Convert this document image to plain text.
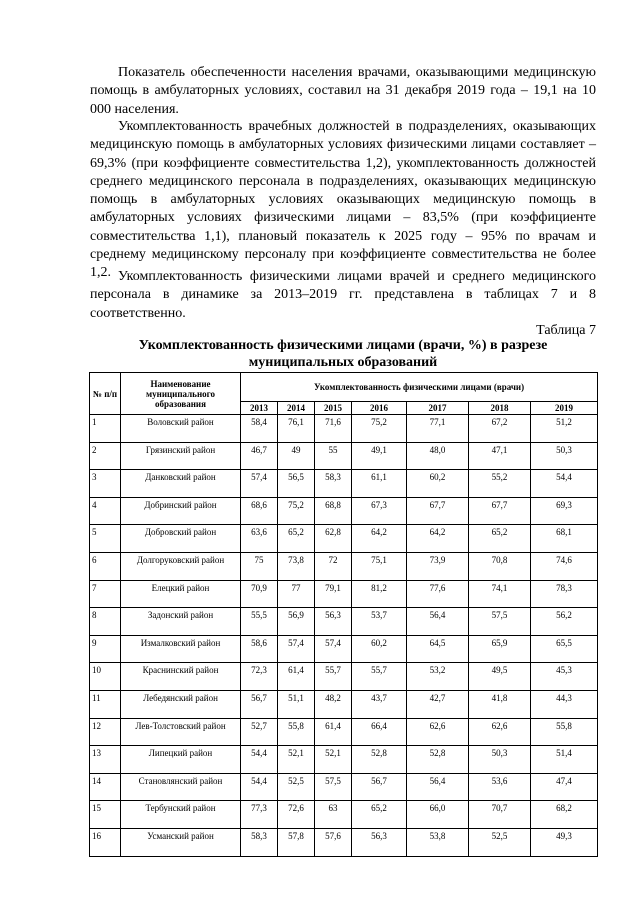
Показатель обеспеченности населения врачами, оказывающими медицинскую помощь в амбулаторных условиях, составил на 31 декабря 2019 года – 19,1 на 10 000 населения.

Укомплектованность врачебных должностей в подразделениях, оказывающих медицинскую помощь в амбулаторных условиях физическими лицами составляет – 69,3% (при коэффициенте совместительства 1,2), укомплектованность должностей среднего медицинского персонала в подразделениях, оказывающих медицинскую помощь в амбулаторных условиях оказывающих медицинскую помощь в амбулаторных условиях физическими лицами – 83,5% (при коэффициенте совместительства 1,1), плановый показатель к 2025 году – 95% по врачам и среднему медицинскому персоналу при коэффициенте совместительства не более 1,2. Укомплектованность физическими лицами врачей и среднего медицинского персонала в динамике за 2013–2019 гг. представлена в таблицах 7 и 8 соответственно.

Таблица 7
Укомплектованность физическими лицами (врачи, %) в разрезе
муниципальных образований
№ п/п	Наименование муниципального образования	Укомплектованность физическими лицами (врачи)						
		2013	2014	2015	2016	2017	2018	2019
1	Воловский район	58,4	76,1	71,6	75,2	77,1	67,2	51,2
2	Грязинский район	46,7	49	55	49,1	48,0	47,1	50,3
3	Данковский район	57,4	56,5	58,3	61,1	60,2	55,2	54,4
4	Добринский район	68,6	75,2	68,8	67,3	67,7	67,7	69,3
5	Добровский район	63,6	65,2	62,8	64,2	64,2	65,2	68,1
6	Долгоруковский район	75	73,8	72	75,1	73,9	70,8	74,6
7	Елецкий район	70,9	77	79,1	81,2	77,6	74,1	78,3
8	Задонский район	55,5	56,9	56,3	53,7	56,4	57,5	56,2
9	Измалковский район	58,6	57,4	57,4	60,2	64,5	65,9	65,5
10	Краснинский район	72,3	61,4	55,7	55,7	53,2	49,5	45,3
11	Лебедянский район	56,7	51,1	48,2	43,7	42,7	41,8	44,3
12	Лев-Толстовский район	52,7	55,8	61,4	66,4	62,6	62,6	55,8
13	Липецкий район	54,4	52,1	52,1	52,8	52,8	50,3	51,4
14	Становлянский район	54,4	52,5	57,5	56,7	56,4	53,6	47,4
15	Тербунский район	77,3	72,6	63	65,2	66,0	70,7	68,2
16	Усманский район	58,3	57,8	57,6	56,3	53,8	52,5	49,3
